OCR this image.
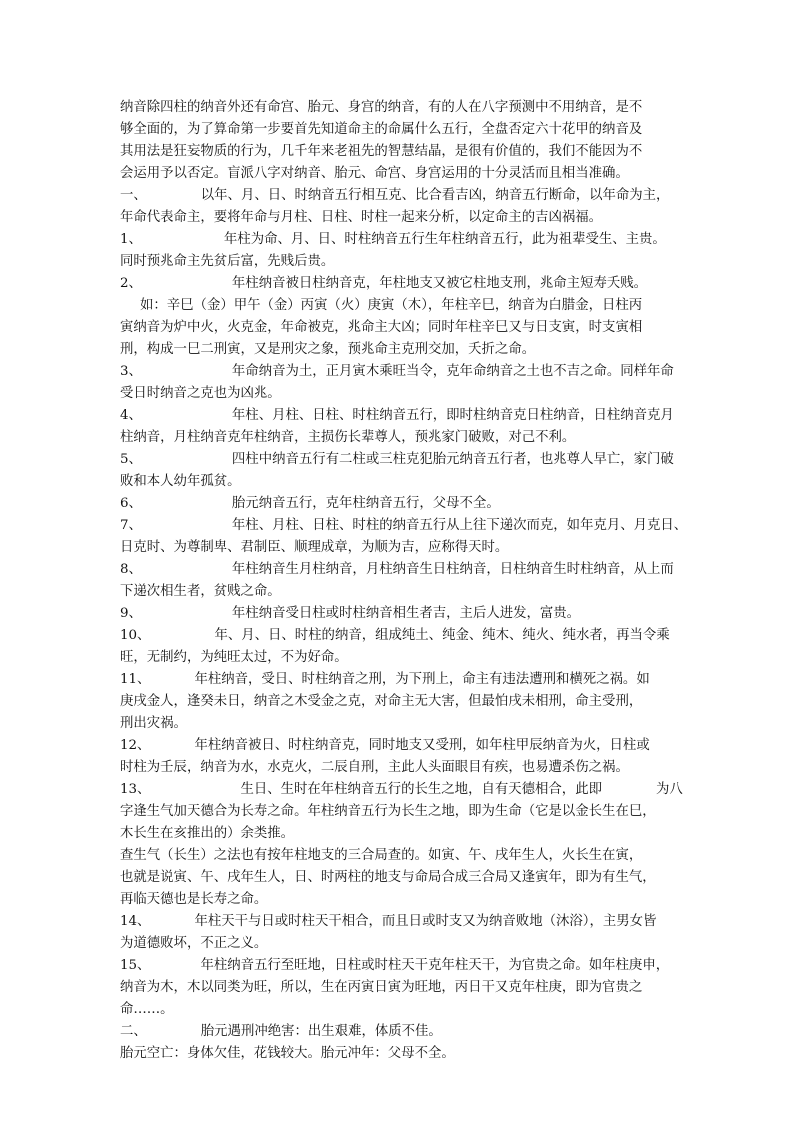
纳音除四柱的纳音外还有命宫、胎元、身宫的纳音，有的人在八字预测中不用纳音，是不
够全面的，为了算命第一步要首先知道命主的命属什么五行，全盘否定六十花甲的纳音及
其用法是狂妄物质的行为，几千年来老祖先的智慧结晶，是很有价值的，我们不能因为不
会运用予以否定。盲派八字对纳音、胎元、命宫、身宫运用的十分灵活而且相当准确。
一、	以年、月、日、时纳音五行相互克、比合看吉凶，纳音五行断命，以年命为主，
年命代表命主，要将年命与月柱、日柱、时柱一起来分析，以定命主的吉凶祸福。
1、	年柱为命、月、日、时柱纳音五行生年柱纳音五行，此为祖辈受生、主贵。
同时预兆命主先贫后富，先贱后贵。
2、	年柱纳音被日柱纳音克，年柱地支又被它柱地支刑，兆命主短寿夭贱。
如：辛巳（金）甲午（金）丙寅（火）庚寅（木），年柱辛巳，纳音为白腊金，日柱丙
寅纳音为炉中火，火克金，年命被克，兆命主大凶；同时年柱辛巳又与日支寅，时支寅相
刑，构成一巳二刑寅，又是刑灾之象，预兆命主克刑交加，夭折之命。
3、	年命纳音为土，正月寅木乘旺当令，克年命纳音之土也不吉之命。同样年命
受日时纳音之克也为凶兆。
4、	年柱、月柱、日柱、时柱纳音五行，即时柱纳音克日柱纳音，日柱纳音克月
柱纳音，月柱纳音克年柱纳音，主损伤长辈尊人，预兆家门破败，对己不利。
5、	四柱中纳音五行有二柱或三柱克犯胎元纳音五行者，也兆尊人早亡，家门破
败和本人幼年孤贫。
6、	胎元纳音五行，克年柱纳音五行，父母不全。
7、	年柱、月柱、日柱、时柱的纳音五行从上往下递次而克，如年克月、月克日、
日克时、为尊制卑、君制臣、顺理成章，为顺为吉，应称得天时。
8、	年柱纳音生月柱纳音，月柱纳音生日柱纳音，日柱纳音生时柱纳音，从上而
下递次相生者，贫贱之命。
9、	年柱纳音受日柱或时柱纳音相生者吉，主后人进发，富贵。
10、	年、月、日、时柱的纳音，组成纯土、纯金、纯木、纯火、纯水者，再当令乘
旺，无制约，为纯旺太过，不为好命。
11、	年柱纳音，受日、时柱纳音之刑，为下刑上，命主有违法遭刑和横死之祸。如
庚戌金人，逢癸未日，纳音之木受金之克，对命主无大害，但最怕戌未相刑，命主受刑，
刑出灾祸。
12、	年柱纳音被日、时柱纳音克，同时地支又受刑，如年柱甲辰纳音为火，日柱或
时柱为壬辰，纳音为水，水克火，二辰自刑，主此人头面眼目有疾，也易遭杀伤之祸。
13、	生日、生时在年柱纳音五行的长生之地，自有天德相合，此即	为八
字逢生气加天德合为长寿之命。年柱纳音五行为长生之地，即为生命（它是以金长生在巳，
木长生在亥推出的）余类推。
查生气（长生）之法也有按年柱地支的三合局查的。如寅、午、戌年生人，火长生在寅，
也就是说寅、午、戌年生人，日、时两柱的地支与命局合成三合局又逢寅年，即为有生气，
再临天德也是长寿之命。
14、	年柱天干与日或时柱天干相合，而且日或时支又为纳音败地（沐浴），主男女皆
为道德败坏，不正之义。
15、	年柱纳音五行至旺地，日柱或时柱天干克年柱天干，为官贵之命。如年柱庚申，
纳音为木，木以同类为旺，所以，生在丙寅日寅为旺地，丙日干又克年柱庚，即为官贵之
命……。
二、	胎元遇刑冲绝害：出生艰难，体质不佳。
胎元空亡：身体欠佳，花钱较大。胎元冲年：父母不全。
